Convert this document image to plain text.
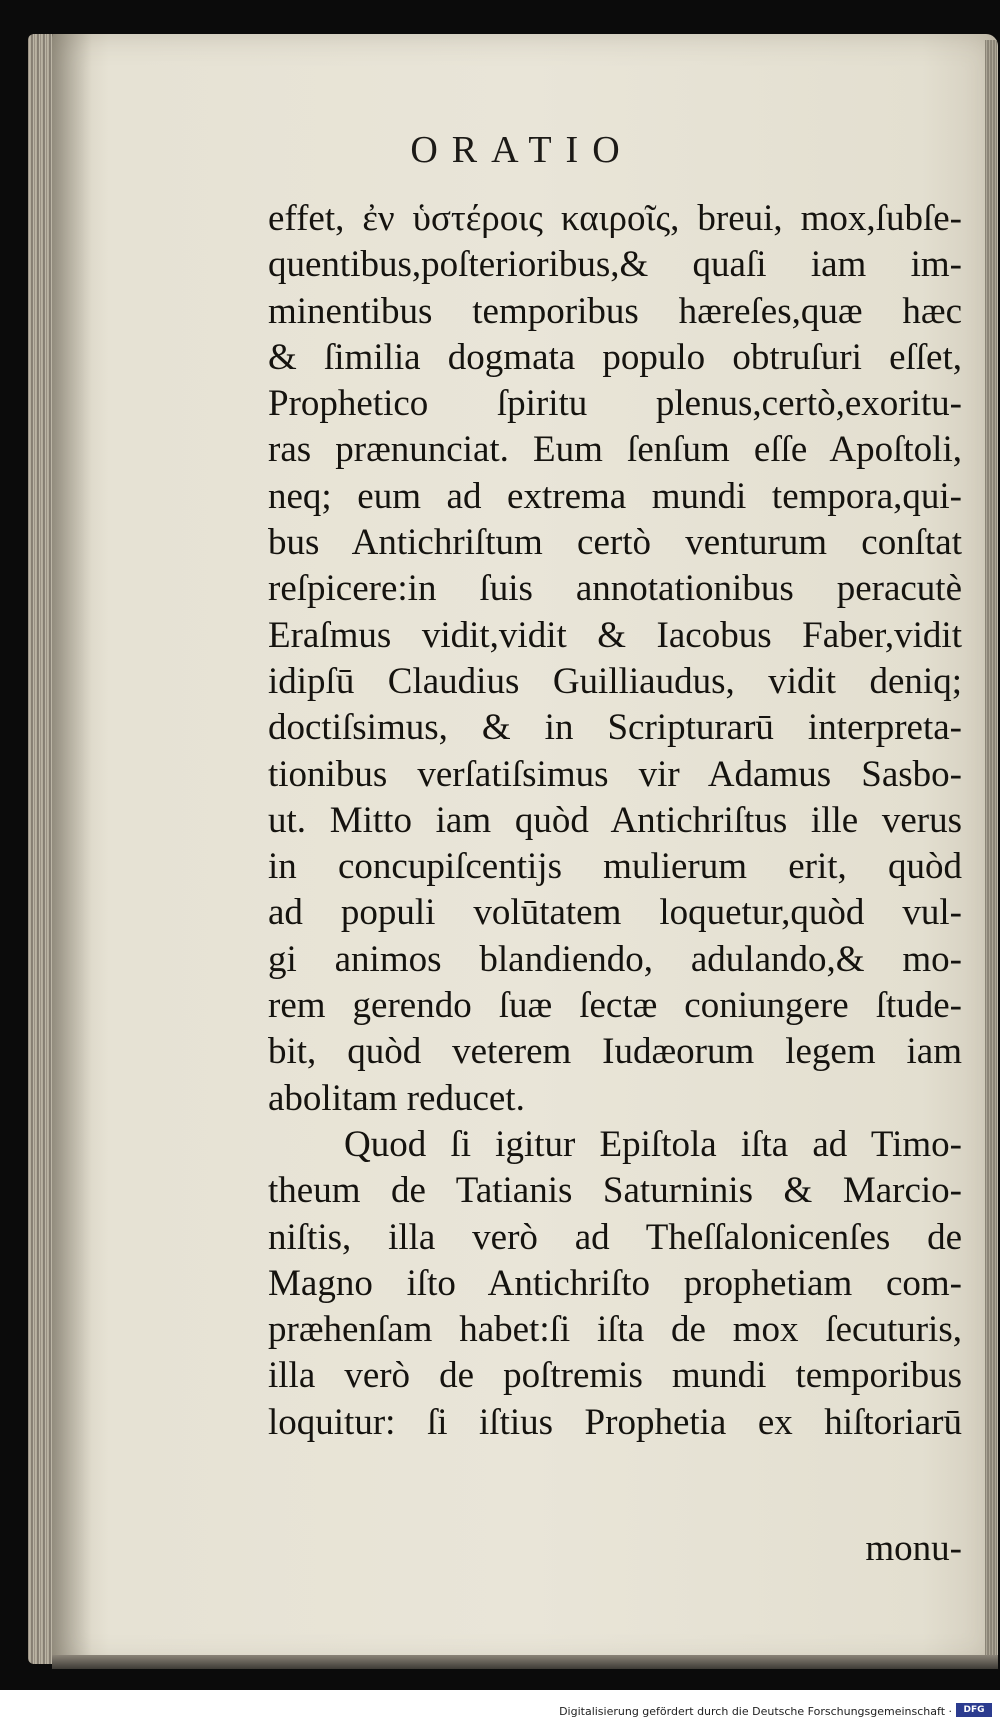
ORATIO
effet, ἐν ὑστέροις καιροῖς, breui, mox,ſubſe-
quentibus,poſterioribus,& quaſi iam im-
minentibus temporibus hæreſes,quæ hæc
& ſimilia dogmata populo obtruſuri eſſet,
Prophetico ſpiritu plenus,certò,exoritu-
ras prænunciat. Eum ſenſum eſſe Apoſtoli,
neq; eum ad extrema mundi tempora,qui-
bus Antichriſtum certò venturum conſtat
reſpicere:in ſuis annotationibus peracutè
Eraſmus vidit,vidit & Iacobus Faber,vidit
idipſū Claudius Guilliaudus, vidit deniq;
doctiſsimus, & in Scripturarū interpreta-
tionibus verſatiſsimus vir Adamus Sasbo-
ut. Mitto iam quòd Antichriſtus ille verus
in concupiſcentijs mulierum erit, quòd
ad populi volūtatem loquetur,quòd vul-
gi animos blandiendo, adulando,& mo-
rem gerendo ſuæ ſectæ coniungere ſtude-
bit, quòd veterem Iudæorum legem iam
abolitam reducet.
Quod ſi igitur Epiſtola iſta ad Timo-
theum de Tatianis Saturninis & Marcio-
niſtis, illa verò ad Theſſalonicenſes de
Magno iſto Antichriſto prophetiam com-
præhenſam habet:ſi iſta de mox ſecuturis,
illa verò de poſtremis mundi temporibus
loquitur: ſi iſtius Prophetia ex hiſtoriarū
monu-
Digitalisierung gefördert durch die Deutsche Forschungsgemeinschaft ·	DFG
